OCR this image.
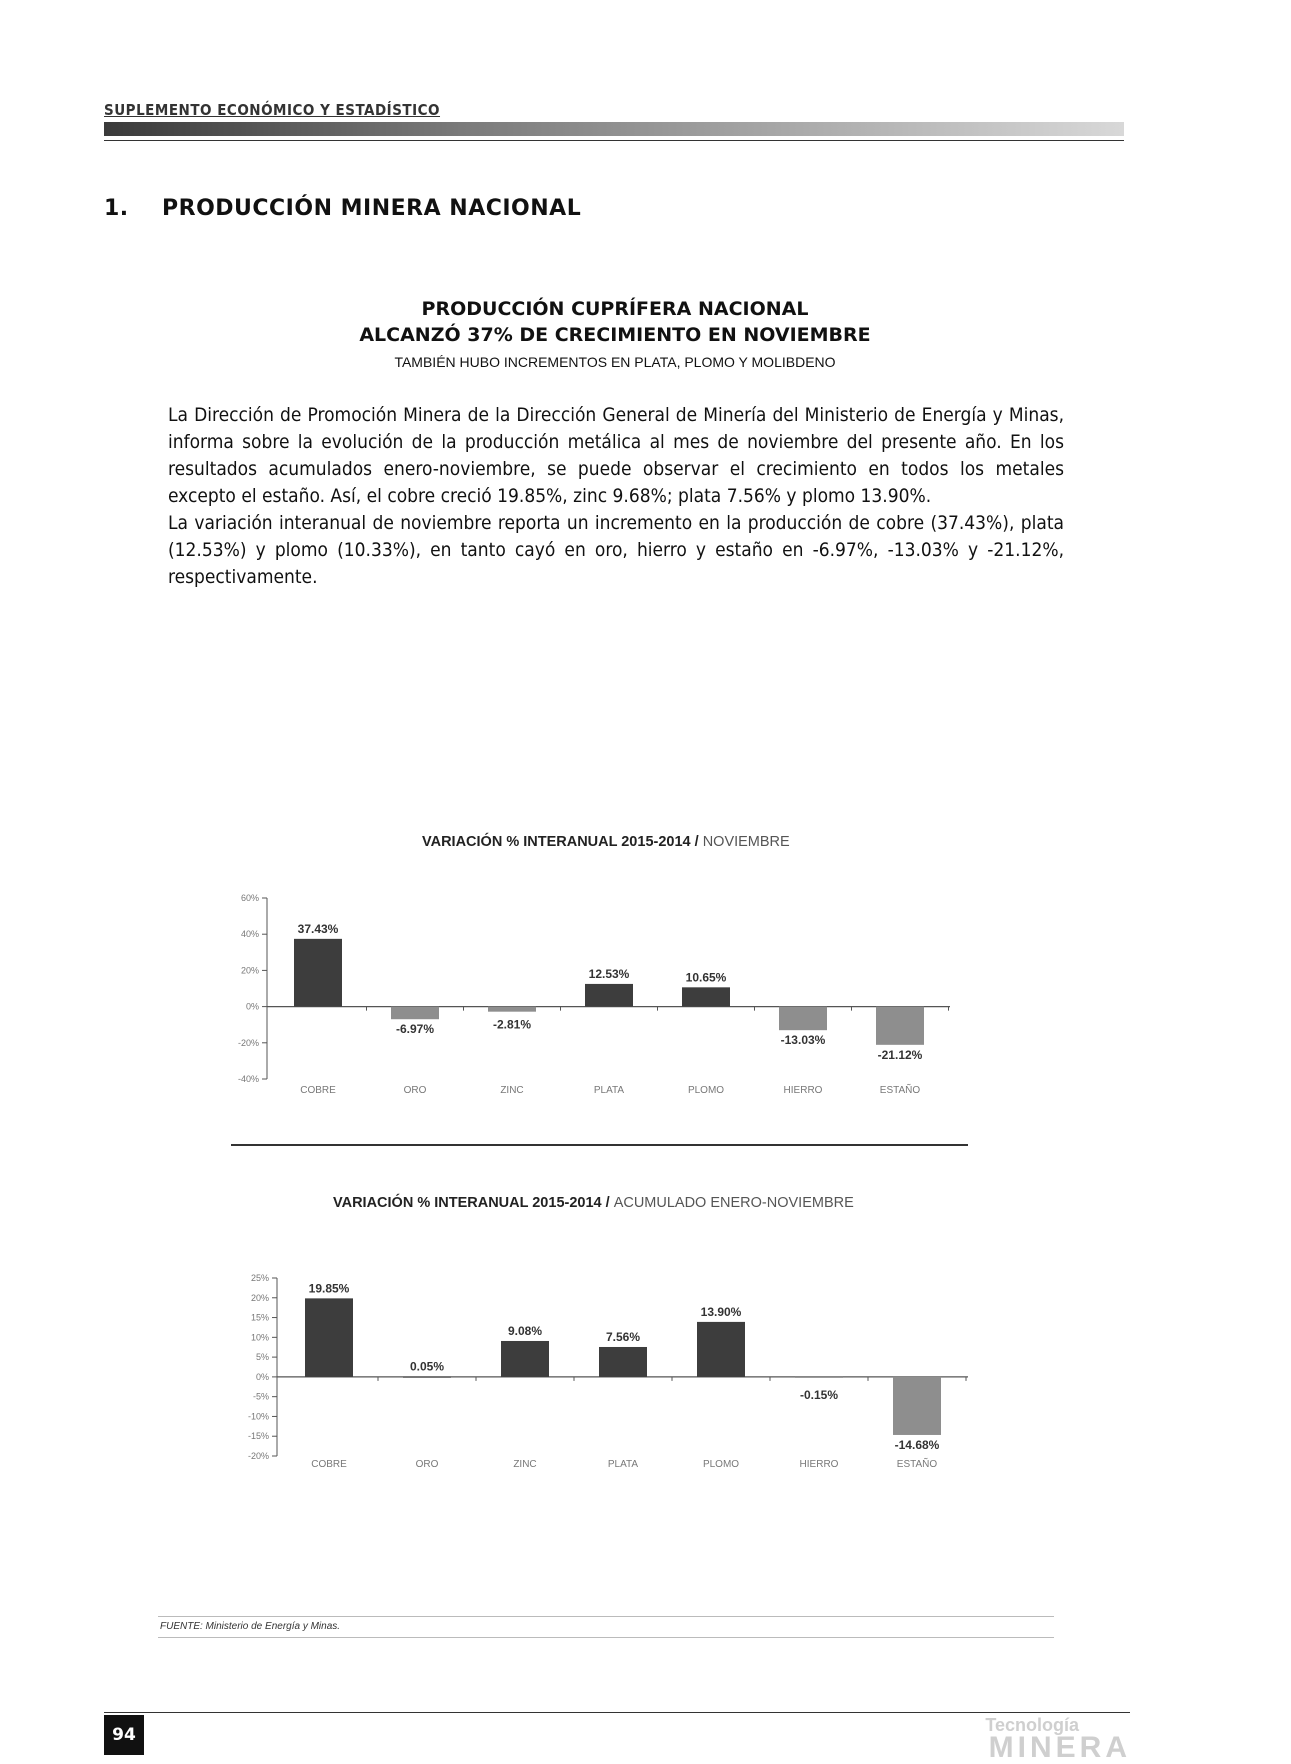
SUPLEMENTO ECONÓMICO Y ESTADÍSTICO
1. PRODUCCIÓN MINERA NACIONAL
PRODUCCIÓN CUPRÍFERA NACIONAL
ALCANZÓ 37% DE CRECIMIENTO EN NOVIEMBRE
TAMBIÉN HUBO INCREMENTOS EN PLATA, PLOMO Y MOLIBDENO

La Dirección de Promoción Minera de la Dirección General de Minería del Ministerio de Energía y Minas, informa sobre la evolución de la producción metálica al mes de noviembre del presente año. En los resultados acumulados enero-noviembre, se puede observar el crecimiento en todos los metales excepto el estaño. Así, el cobre creció 19.85%, zinc 9.68%; plata 7.56% y plomo 13.90%.

La variación interanual de noviembre reporta un incremento en la producción de cobre (37.43%), plata (12.53%) y plomo (10.33%), en tanto cayó en oro, hierro y estaño en -6.97%, -13.03% y -21.12%, respectivamente.

VARIACIÓN % INTERANUAL 2015-2014 / NOVIEMBRE
60%
40%
20%
0%
-20%
-40%
37.43%
COBRE
-6.97%
ORO
-2.81%
ZINC
12.53%
PLATA
10.65%
PLOMO
-13.03%
HIERRO
-21.12%
ESTAÑO
VARIACIÓN % INTERANUAL 2015-2014 / ACUMULADO ENERO-NOVIEMBRE
25%
20%
15%
10%
5%
0%
-5%
-10%
-15%
-20%
19.85%
COBRE
0.05%
ORO
9.08%
ZINC
7.56%
PLATA
13.90%
PLOMO
-0.15%
HIERRO
-14.68%
ESTAÑO
FUENTE: Ministerio de Energía y Minas.
94	Tecnología
MINERA
